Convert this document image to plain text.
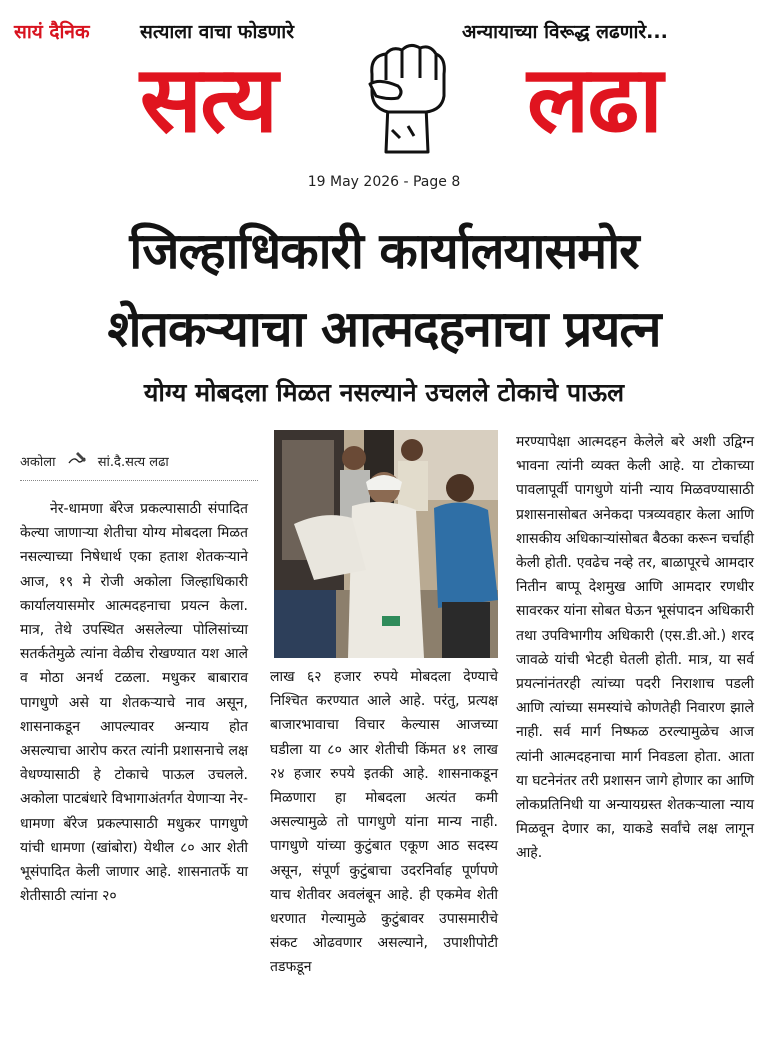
सायं दैनिक	सत्याला वाचा फोडणारे	अन्यायाच्या विरूद्ध लढणारे...
सत्य	लढा
19 May 2026 - Page 8
जिल्हाधिकारी कार्यालयासमोर
शेतकऱ्याचा आत्मदहनाचा प्रयत्न
योग्य मोबदला मिळत नसल्याने उचलले टोकाचे पाऊल
अकोला	सां.दै.सत्य लढा
नेर-धामणा बॅरेज प्रकल्पासाठी संपादित केल्या जाणाऱ्या शेतीचा योग्य मोबदला मिळत नसल्याच्या निषेधार्थ एका हताश शेतकऱ्याने आज, १९ मे रोजी अकोला जिल्हाधिकारी कार्यालयासमोर आत्मदहनाचा प्रयत्न केला. मात्र, तेथे उपस्थित असलेल्या पोलिसांच्या सतर्कतेमुळे त्यांना वेळीच रोखण्यात यश आले व मोठा अनर्थ टळला. मधुकर बाबाराव पागधुणे असे या शेतकऱ्याचे नाव असून, शासनाकडून आपल्यावर अन्याय होत असल्याचा आरोप करत त्यांनी प्रशासनाचे लक्ष वेधण्यासाठी हे टोकाचे पाऊल उचलले. अकोला पाटबंधारे विभागाअंतर्गत येणाऱ्या नेर-धामणा बॅरेज प्रकल्पासाठी मधुकर पागधुणे यांची धामणा (खांबोरा) येथील ८० आर शेती भूसंपादित केली जाणार आहे. शासनातर्फे या शेतीसाठी त्यांना २०
लाख ६२ हजार रुपये मोबदला देण्याचे निश्चित करण्यात आले आहे. परंतु, प्रत्यक्ष बाजारभावाचा विचार केल्यास आजच्या घडीला या ८० आर शेतीची किंमत ४१ लाख २४ हजार रुपये इतकी आहे. शासनाकडून मिळणारा हा मोबदला अत्यंत कमी असल्यामुळे तो पागधुणे यांना मान्य नाही. पागधुणे यांच्या कुटुंबात एकूण आठ सदस्य असून, संपूर्ण कुटुंबाचा उदरनिर्वाह पूर्णपणे याच शेतीवर अवलंबून आहे. ही एकमेव शेती धरणात गेल्यामुळे कुटुंबावर उपासमारीचे संकट ओढवणार असल्याने, उपाशीपोटी तडफडून
मरण्यापेक्षा आत्मदहन केलेले बरे अशी उद्विग्न भावना त्यांनी व्यक्त केली आहे. या टोकाच्या पावलापूर्वी पागधुणे यांनी न्याय मिळवण्यासाठी प्रशासनासोबत अनेकदा पत्रव्यवहार केला आणि शासकीय अधिकाऱ्यांसोबत बैठका करून चर्चाही केली होती. एवढेच नव्हे तर, बाळापूरचे आमदार नितीन बाप्पू देशमुख आणि आमदार रणधीर सावरकर यांना सोबत घेऊन भूसंपादन अधिकारी तथा उपविभागीय अधिकारी (एस.डी.ओ.) शरद जावळे यांची भेटही घेतली होती. मात्र, या सर्व प्रयत्नांनंतरही त्यांच्या पदरी निराशाच पडली आणि त्यांच्या समस्यांचे कोणतेही निवारण झाले नाही. सर्व मार्ग निष्फळ ठरल्यामुळेच आज त्यांनी आत्मदहनाचा मार्ग निवडला होता. आता या घटनेनंतर तरी प्रशासन जागे होणार का आणि लोकप्रतिनिधी या अन्यायग्रस्त शेतकऱ्याला न्याय मिळवून देणार का, याकडे सर्वांचे लक्ष लागून आहे.
